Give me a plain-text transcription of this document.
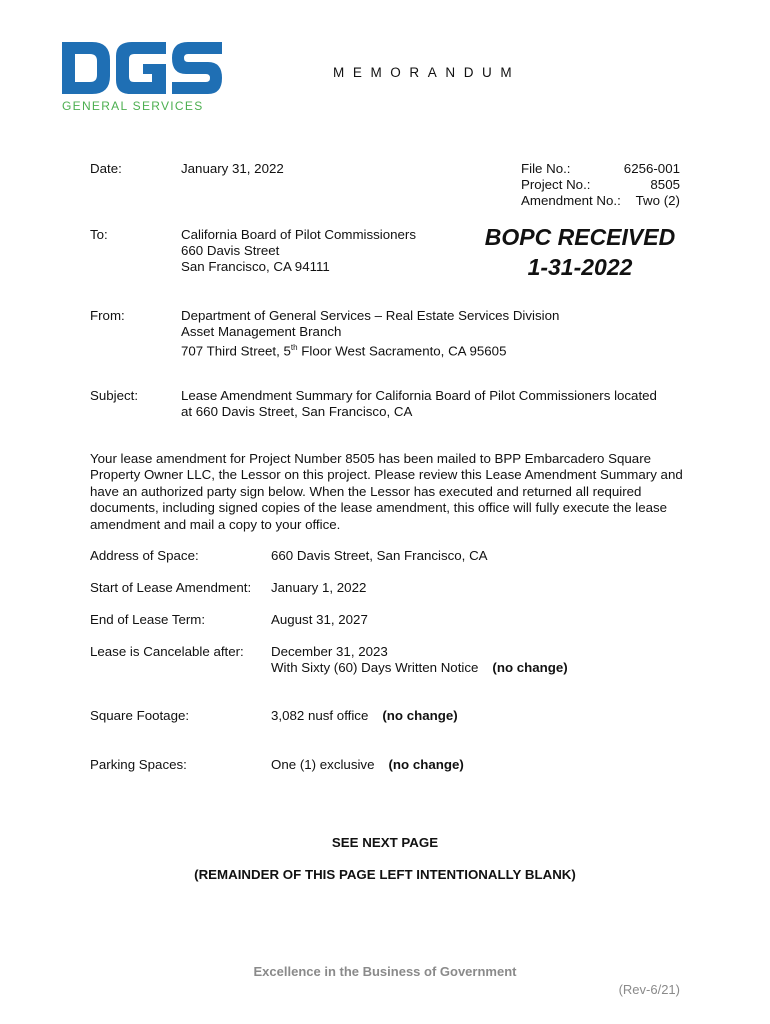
GENERAL SERVICES
MEMORANDUM
Date:	January 31, 2022	File No.:	6256-001
Project No.:	8505
Amendment No.: Two (2)
To:	California Board of Pilot Commissioners
660 Davis Street
San Francisco, CA 94111
BOPC RECEIVED
1-31-2022
From:	Department of General Services – Real Estate Services Division
Asset Management Branch
707 Third Street, 5th Floor West Sacramento, CA 95605
Subject:	Lease Amendment Summary for California Board of Pilot Commissioners located
at 660 Davis Street, San Francisco, CA
Your lease amendment for Project Number 8505 has been mailed to BPP Embarcadero Square Property Owner LLC, the Lessor on this project. Please review this Lease Amendment Summary and have an authorized party sign below. When the Lessor has executed and returned all required documents, including signed copies of the lease amendment, this office will fully execute the lease amendment and mail a copy to your office.
Address of Space:	660 Davis Street, San Francisco, CA
Start of Lease Amendment: January 1, 2022
End of Lease Term:	August 31, 2027
Lease is Cancelable after: December 31, 2023
With Sixty (60) Days Written Notice (no change)
Square Footage:	3,082 nusf office (no change)
Parking Spaces:	One (1) exclusive (no change)
SEE NEXT PAGE
(REMAINDER OF THIS PAGE LEFT INTENTIONALLY BLANK)
Excellence in the Business of Government
(Rev-6/21)
